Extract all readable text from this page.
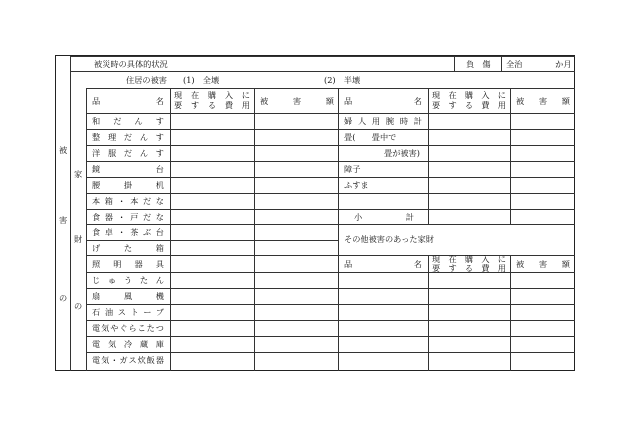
被災時の具体的状況	負　傷 全治　　　　か月
住居の被害 (1)　全壊	(2)　半壊
被
害
の
家
財
の
品　名
現在購入に
要する費用 被害額 品　名
現在購入に
要する費用 被害額
和だんす
整理だんす
洋服だんす
鏡台
腰掛机
本箱・本だな
食器・戸だな
食卓・茶ぶ台
げた箱
照明器具
じゅうたん
扇風機
石油ストーブ
電気やぐらこたつ
電気冷蔵庫
電気・ガス炊飯器
婦人用腕時計
畳(　　畳中で
畳が被害)
障子
ふすま
小計
その他被害のあった家財
品　名 現在購入に
要する費用 被害額
